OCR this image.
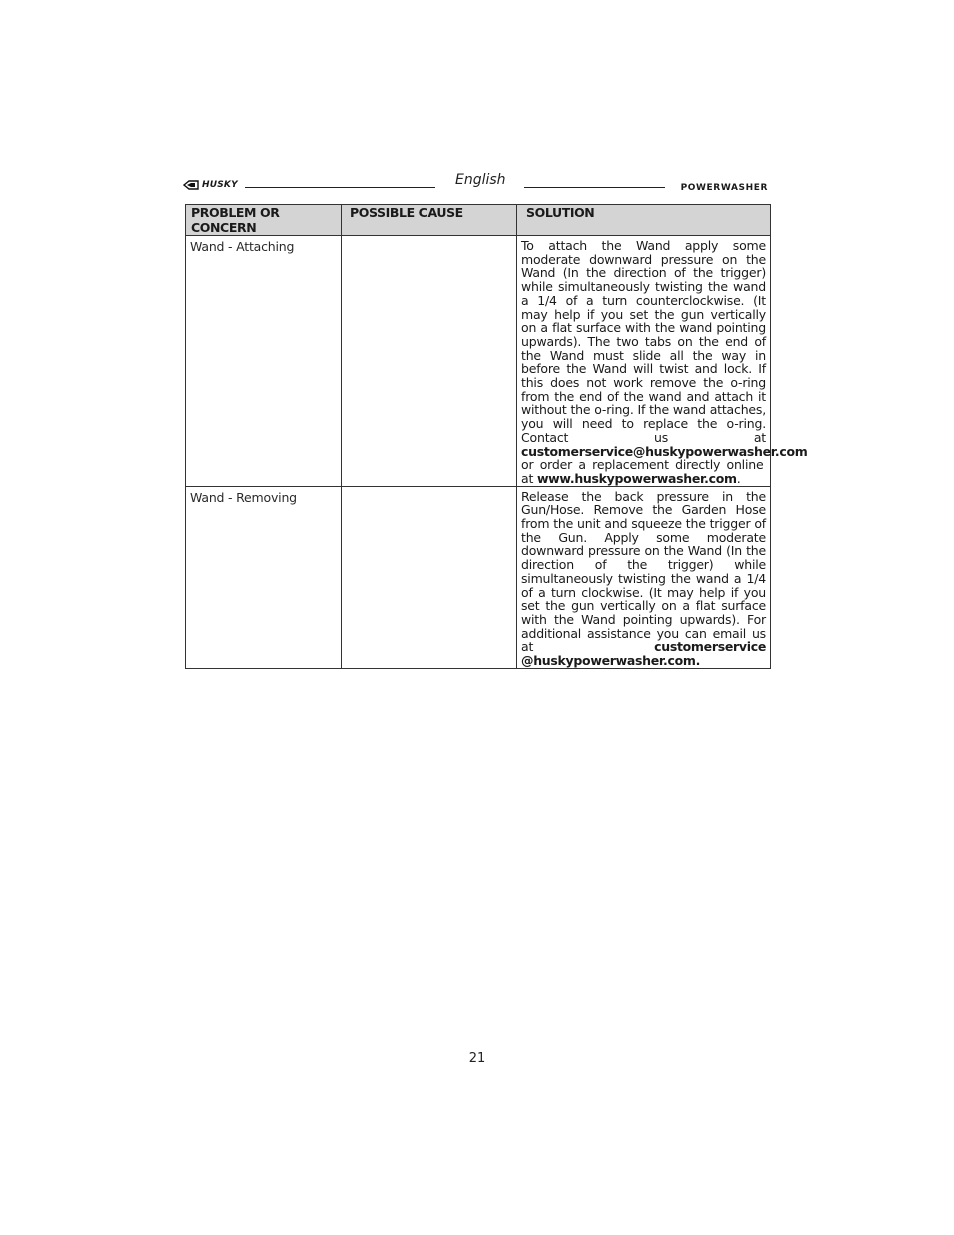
HUSKY	English	POWERWASHER
PROBLEM OR CONCERN	POSSIBLE CAUSE	SOLUTION

Wand - Attaching		To attach the Wand apply some moderate downward pressure on the Wand (In the direction of the trigger) while simultaneously twisting the wand a 1/4 of a turn counterclockwise. (It may help if you set the gun vertically on a flat surface with the wand pointing upwards). The two tabs on the end of the Wand must slide all the way in before the Wand will twist and lock. If this does not work remove the o-ring from the end of the wand and attach it without the o-ring. If the wand attaches, you will need to replace the o-ring. Contact us at customerservice@huskypowerwasher.com or order a replacement directly online at www.huskypowerwasher.com.
Wand - Removing		Release the back pressure in the Gun/Hose. Remove the Garden Hose from the unit and squeeze the trigger of the Gun. Apply some moderate downward pressure on the Wand (In the direction of the trigger) while simultaneously twisting the wand a 1/4 of a turn clockwise. (It may help if you set the gun vertically on a flat surface with the Wand pointing upwards). For additional assistance you can email us at customerservice @huskypowerwasher.com.
21
